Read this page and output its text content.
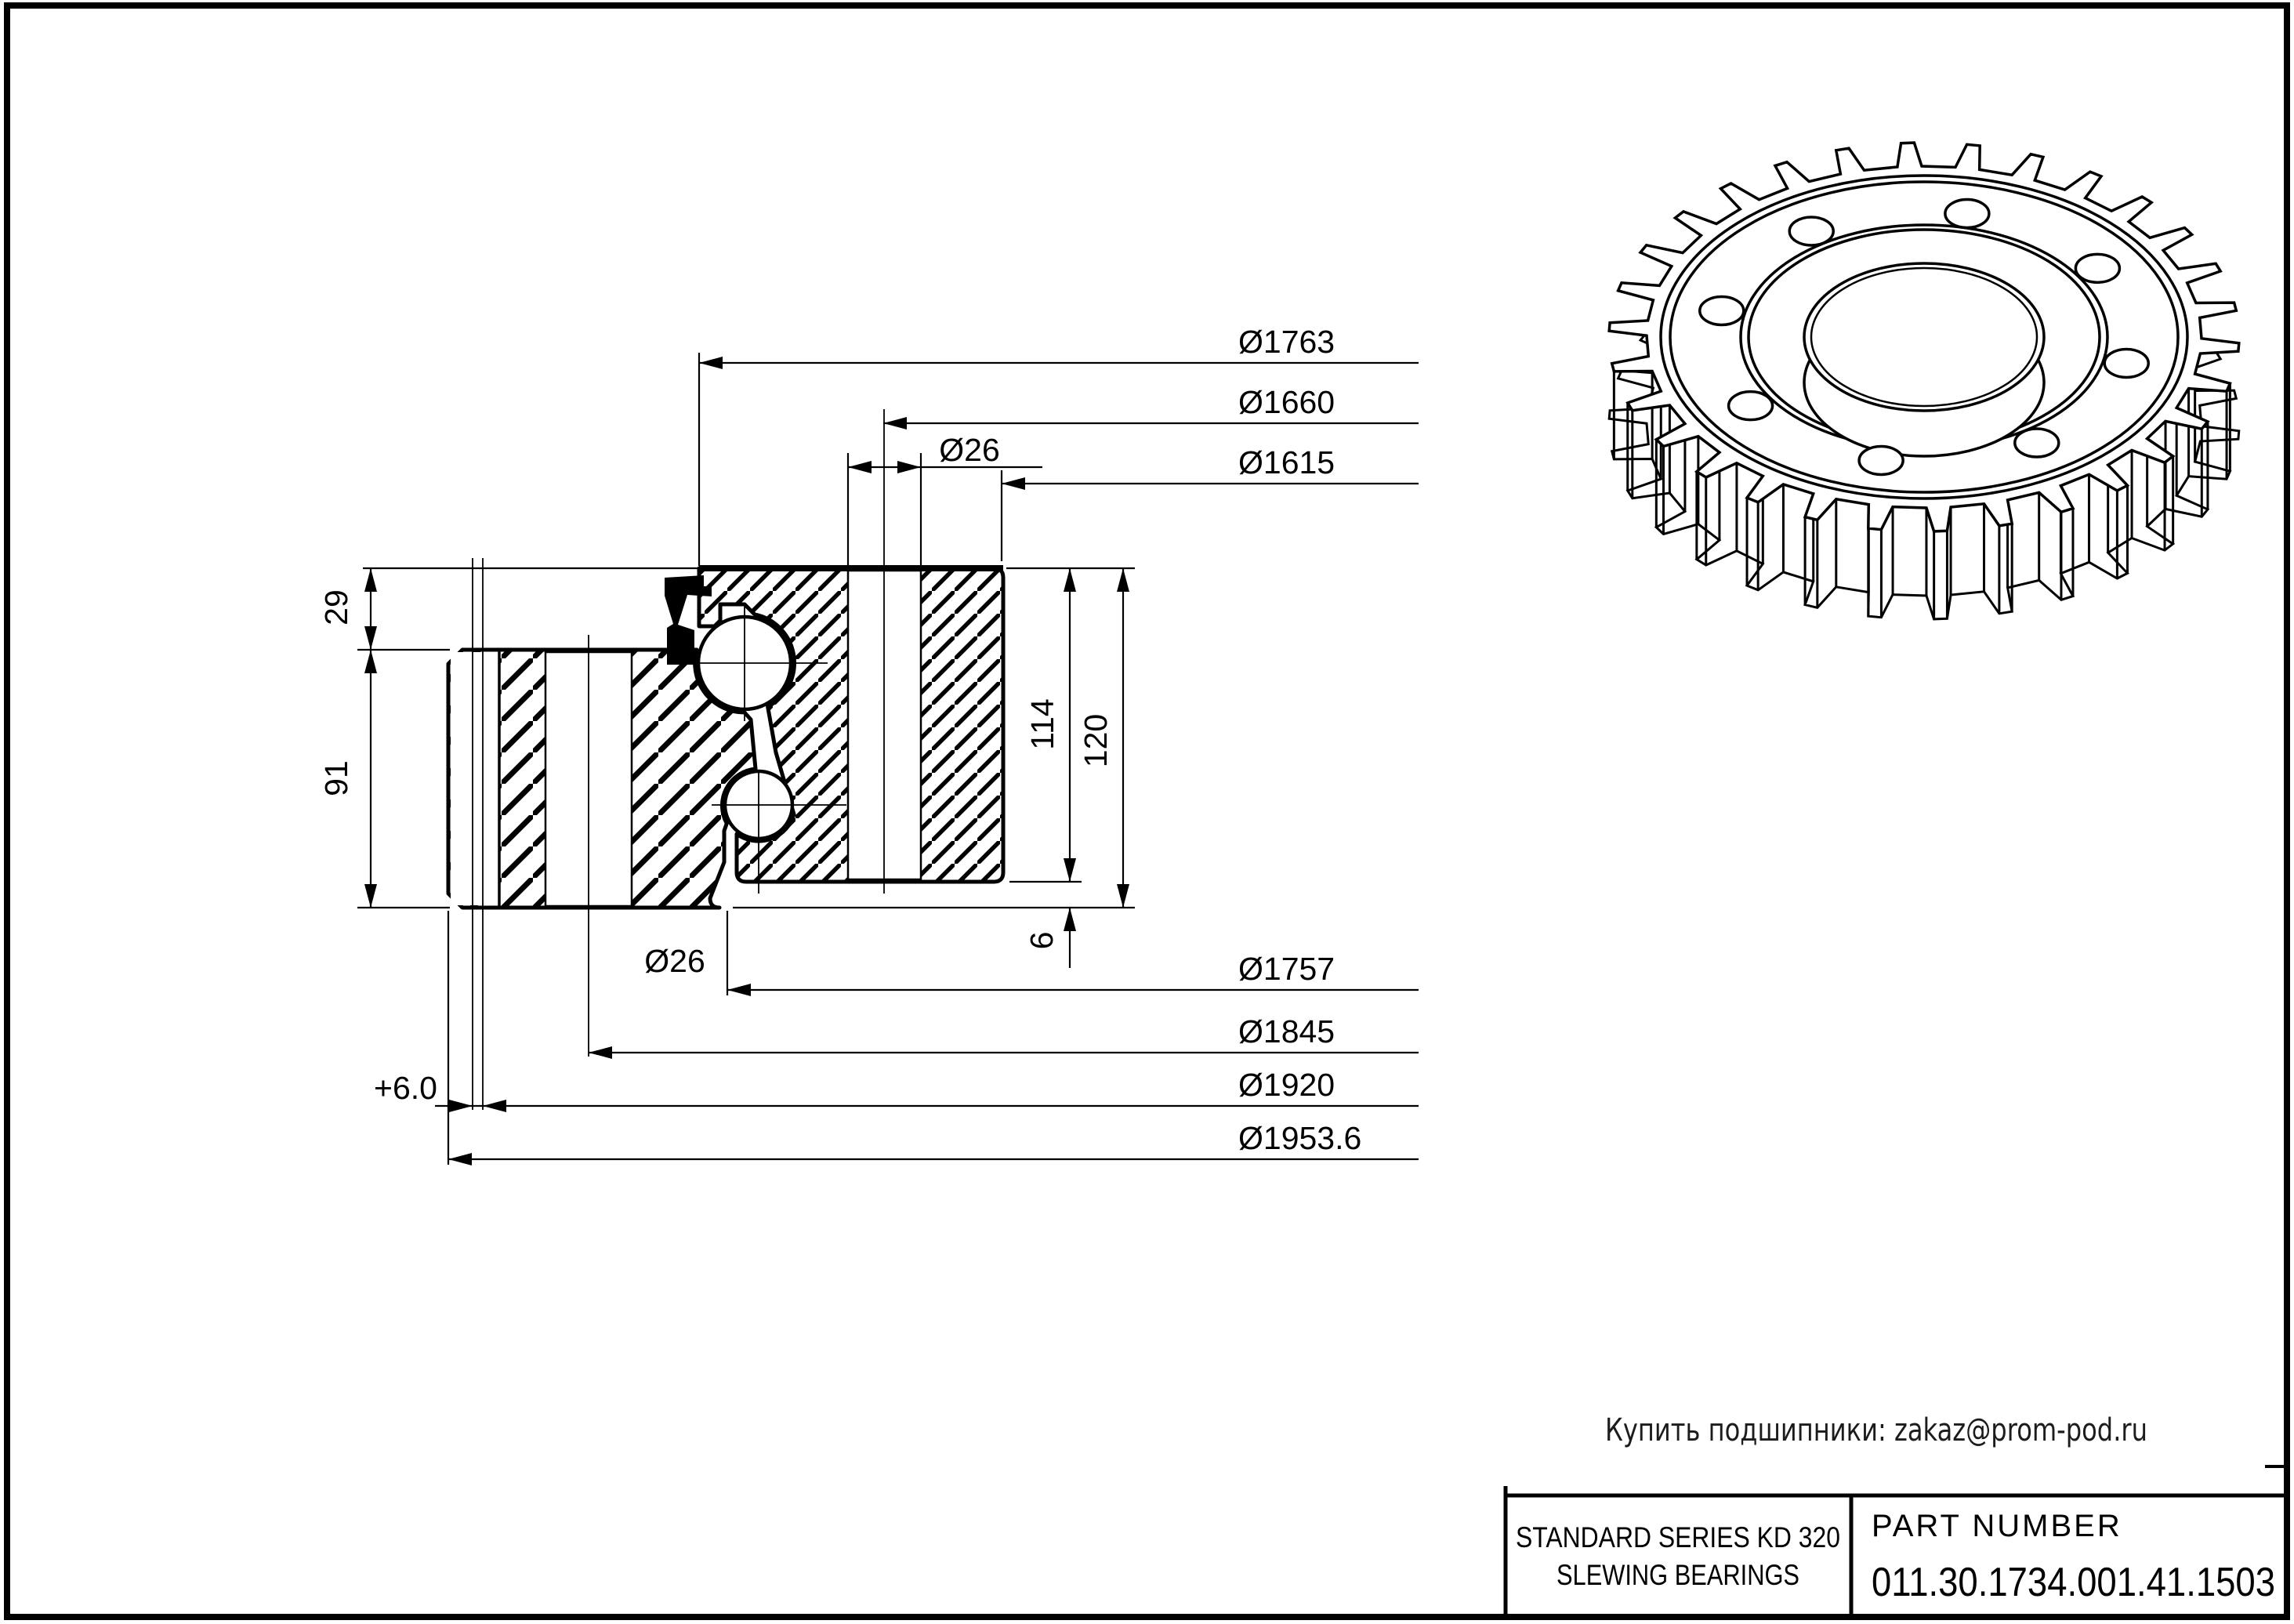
Ø1763
Ø1660
Ø26	Ø1615
Ø1757
Ø1845
Ø1920
Ø1953.6
Ø26
+6.0
29
91
114 120
6
Купить подшипники: zakaz@prom-pod.ru
STANDARD SERIES KD 320
SLEWING BEARINGS
PART NUMBER
011.30.1734.001.41.1503
